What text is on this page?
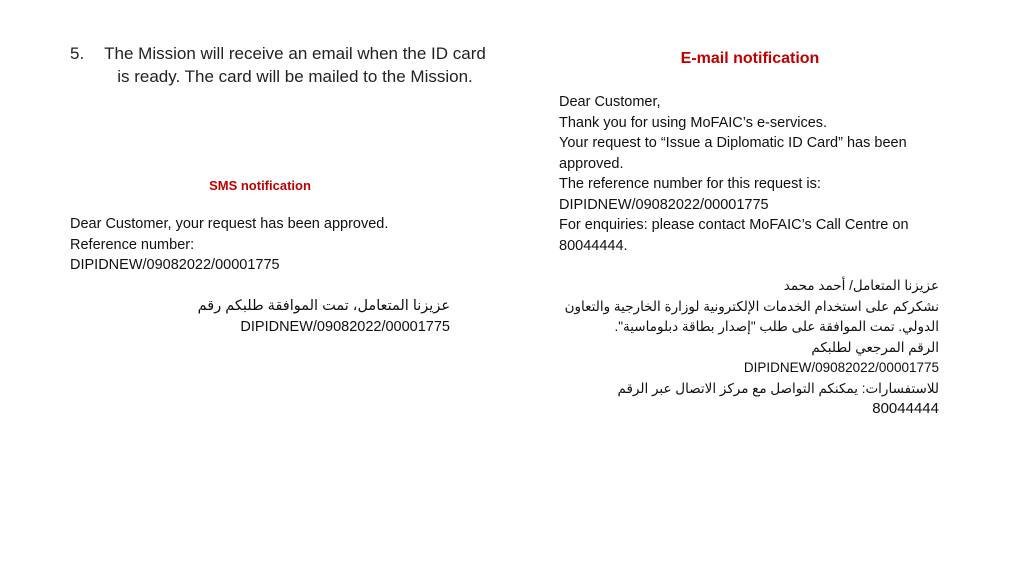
5. The Mission will receive an email when the ID card is ready. The card will be mailed to the Mission.
SMS notification
Dear Customer, your request has been approved.
Reference number:
DIPIDNEW/09082022/00001775
عزيزنا المتعامل، تمت الموافقة طلبكم رقم
DIPIDNEW/09082022/00001775
E-mail notification
Dear Customer,
Thank you for using MoFAIC’s e-services.
Your request to “Issue a Diplomatic ID Card” has been approved.
The reference number for this request is:
DIPIDNEW/09082022/00001775
For enquiries: please contact MoFAIC’s Call Centre on 80044444.
عزيزنا المتعامل/ أحمد محمد
نشكركم على استخدام الخدمات الإلكترونية لوزارة الخارجية والتعاون الدولي. تمت الموافقة على طلب "إصدار بطاقة دبلوماسية".
الرقم المرجعي لطلبكم
DIPIDNEW/09082022/00001775
للاستفسارات: يمكنكم التواصل مع مركز الاتصال عبر الرقم
80044444
